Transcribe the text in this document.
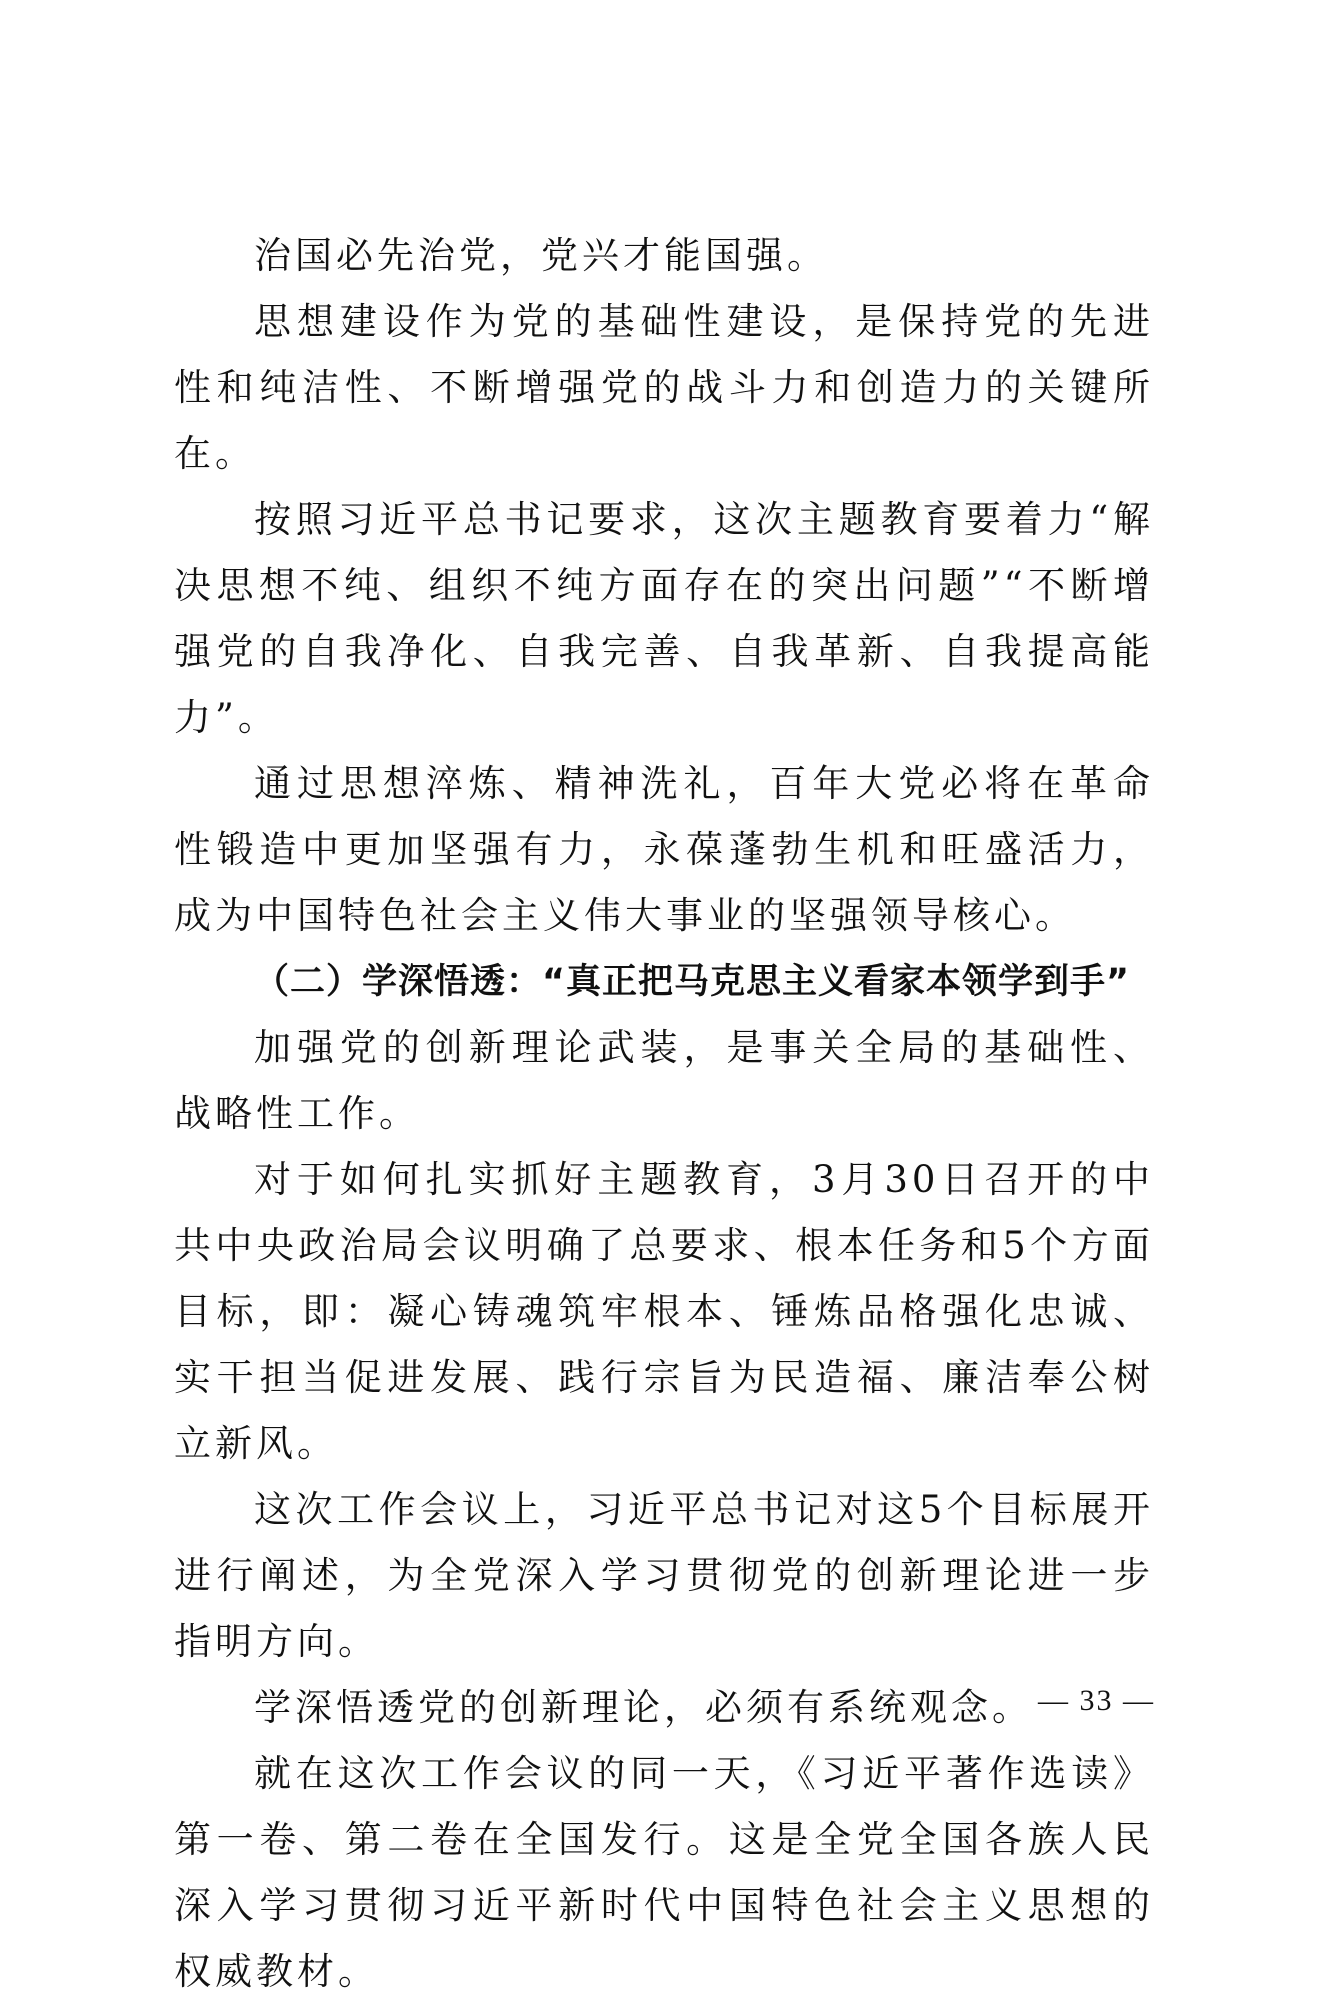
治国必先治党，党兴才能国强。

思想建设作为党的基础性建设，是保持党的先进性和纯洁性、不断增强党的战斗力和创造力的关键所在。

按照习近平总书记要求，这次主题教育要着力“解决思想不纯、组织不纯方面存在的突出问题”“不断增强党的自我净化、自我完善、自我革新、自我提高能力”。

通过思想淬炼、精神洗礼，百年大党必将在革命性锻造中更加坚强有力，永葆蓬勃生机和旺盛活力，成为中国特色社会主义伟大事业的坚强领导核心。

（二）学深悟透：“真正把马克思主义看家本领学到手”

加强党的创新理论武装，是事关全局的基础性、战略性工作。

对于如何扎实抓好主题教育，3月30日召开的中共中央政治局会议明确了总要求、根本任务和5个方面目标，即：凝心铸魂筑牢根本、锤炼品格强化忠诚、实干担当促进发展、践行宗旨为民造福、廉洁奉公树立新风。

这次工作会议上，习近平总书记对这5个目标展开进行阐述，为全党深入学习贯彻党的创新理论进一步指明方向。

学深悟透党的创新理论，必须有系统观念。

就在这次工作会议的同一天，《习近平著作选读》第一卷、第二卷在全国发行。这是全党全国各族人民深入学习贯彻习近平新时代中国特色社会主义思想的权威教材。

— 33 —
